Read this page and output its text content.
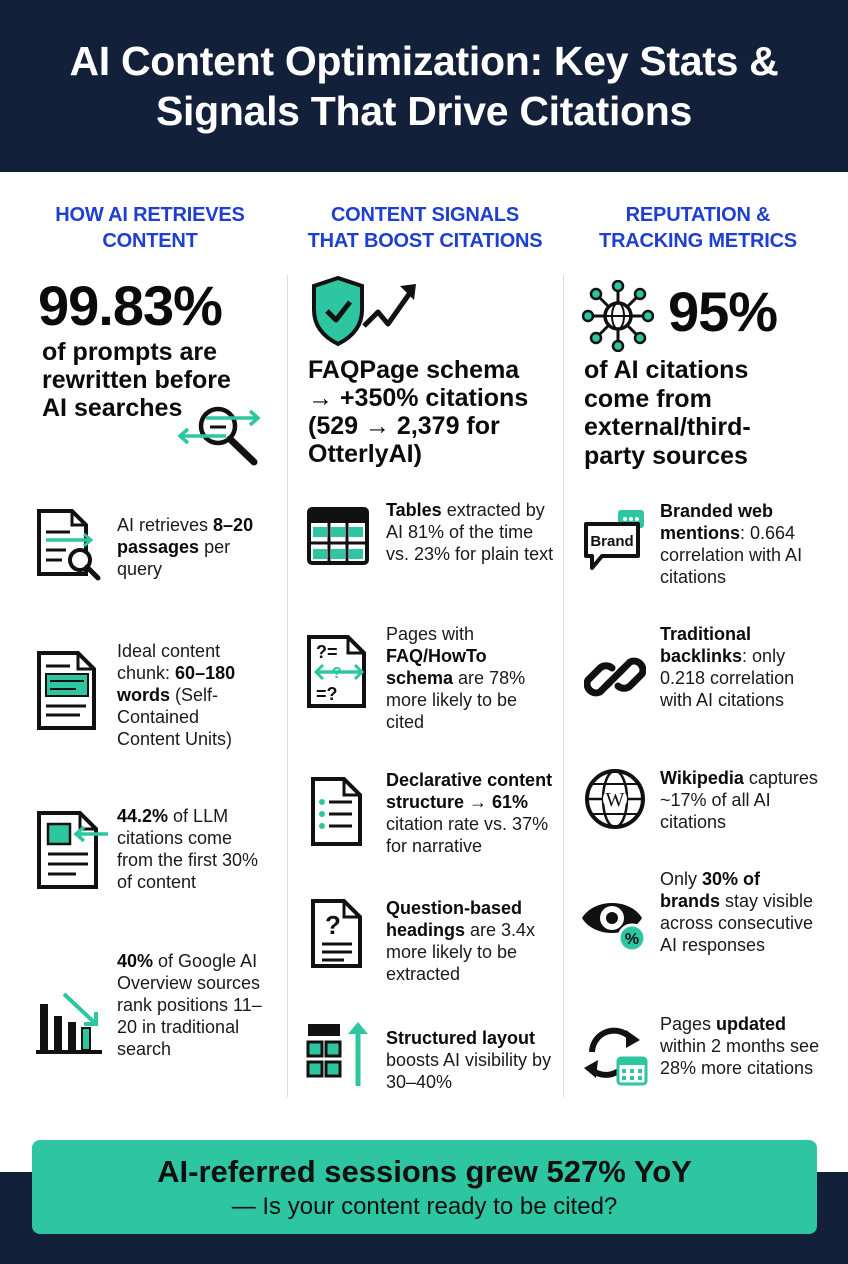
AI Content Optimization: Key Stats & Signals That Drive Citations
HOW AI RETRIEVES
CONTENT
99.83%
of prompts are
rewritten before
AI searches
AI retrieves 8–20 passages per query
Ideal content chunk: 60–180 words (Self-Contained Content Units)
44.2% of LLM citations come from the first 30% of content
40% of Google AI Overview sources rank positions 11–20 in traditional search
CONTENT SIGNALS
THAT BOOST CITATIONS
FAQPage schema
→ +350% citations
(529 → 2,379 for
OtterlyAI)
Tables extracted by AI 81% of the time vs. 23% for plain text
?=
?
=?
Pages with FAQ/HowTo schema are 78% more likely to be cited
Declarative content structure → 61% citation rate vs. 37% for narrative
?
Question-based headings are 3.4x more likely to be extracted
Structured layout boosts AI visibility by 30–40%
REPUTATION &
TRACKING METRICS
95%
of AI citations
come from
external/third-
party sources
Brand
Branded web mentions: 0.664 correlation with AI citations
Traditional backlinks: only 0.218 correlation with AI citations
W
Wikipedia captures ~17% of all AI citations
%
Only 30% of brands stay visible across consecutive AI responses
Pages updated within 2 months see 28% more citations
AI-referred sessions grew 527% YoY
— Is your content ready to be cited?
